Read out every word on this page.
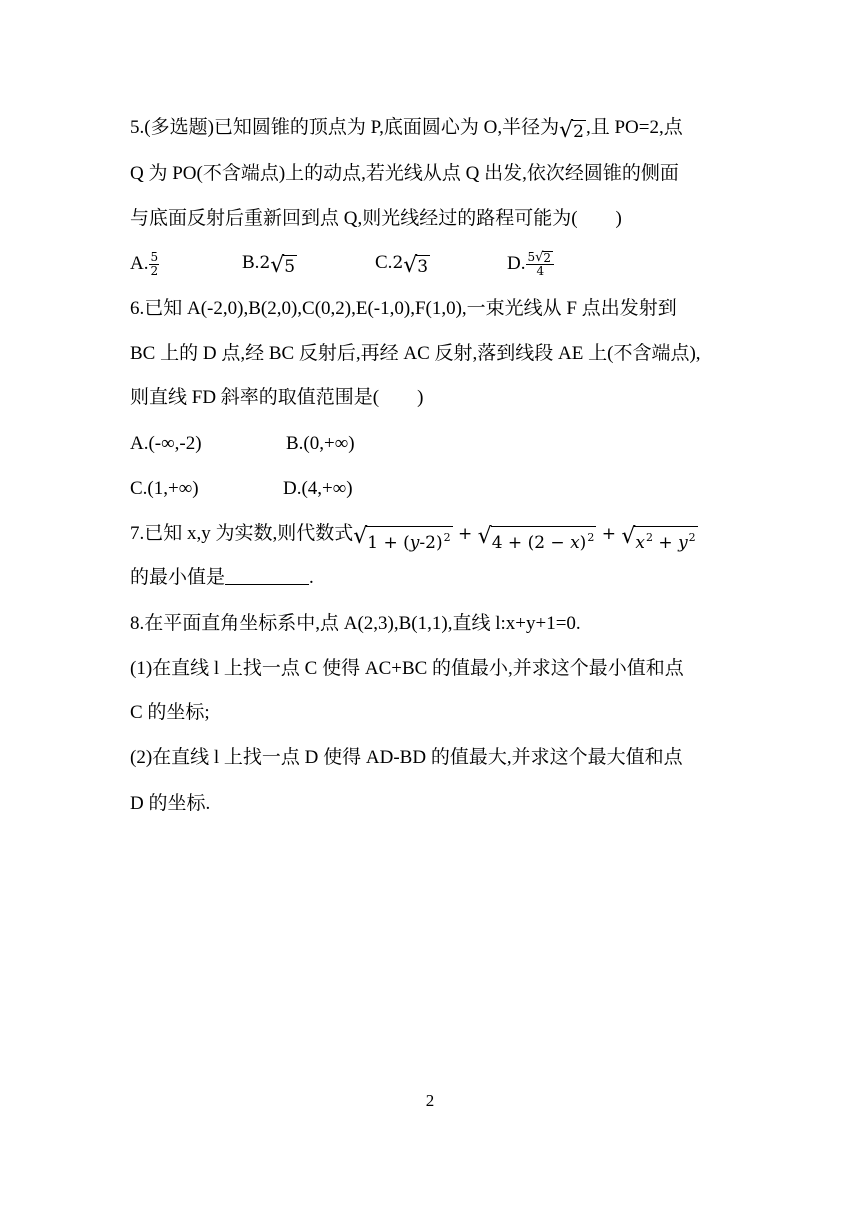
5.(多选题)已知圆锥的顶点为 P,底面圆心为 O,半径为 √ 2 ,且 PO=2,点
Q 为 PO(不含端点)上的动点,若光线从点 Q 出发,依次经圆锥的侧面
与底面反射后重新回到点 Q,则光线经过的路程可能为(　　)
A. $\frac{5}{2}$	B.2 √ 5	C.2 √ 3	D. $\frac{5 √ 2}{4}$
6.已知 A(-2,0),B(2,0),C(0,2),E(-1,0),F(1,0),一束光线从 F 点出发射到
BC 上的 D 点,经 BC 反射后,再经 AC 反射,落到线段 AE 上(不含端点),
则直线 FD 斜率的取值范围是(　　)
A.(-∞,-2)	B.(0,+∞)
C.(1,+∞)	D.(4,+∞)
7.已知 x,y 为实数,则代数式 √ $1 + (y-2)^2$ + √ $4 + (2 - x)^2$ + √ $x^2 + y^2$
的最小值是	.
8.在平面直角坐标系中,点 A(2,3),B(1,1),直线 l:x+y+1=0.
(1)在直线 l 上找一点 C 使得 AC+BC 的值最小,并求这个最小值和点
C 的坐标;
(2)在直线 l 上找一点 D 使得 AD-BD 的值最大,并求这个最大值和点
D 的坐标.
2
